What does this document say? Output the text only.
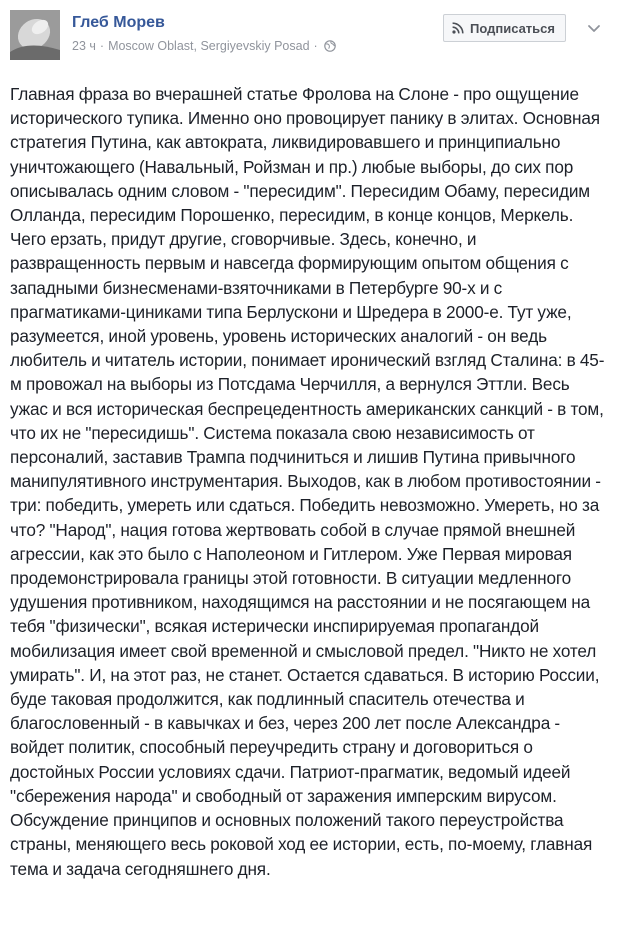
Глеб Морев
23 ч · Moscow Oblast, Sergiyevskiy Posad ·
Подписаться
Главная фраза во вчерашней статье Фролова на Слоне - про ощущение исторического тупика. Именно оно провоцирует панику в элитах. Основная стратегия Путина, как автократа, ликвидировавшего и принципиально уничтожающего (Навальный, Ройзман и пр.) любые выборы, до сих пор описывалась одним словом - "пересидим". Пересидим Обаму, пересидим Олланда, пересидим Порошенко, пересидим, в конце концов, Меркель. Чего ерзать, придут другие, сговорчивые. Здесь, конечно, и развращенность первым и навсегда формирующим опытом общения с западными бизнесменами-взяточниками в Петербурге 90-х и с прагматиками-циниками типа Берлускони и Шредера в 2000-е. Тут уже, разумеется, иной уровень, уровень исторических аналогий - он ведь любитель и читатель истории, понимает иронический взгляд Сталина: в 45-м провожал на выборы из Потсдама Черчилля, а вернулся Эттли. Весь ужас и вся историческая беспрецедентность американских санкций - в том, что их не "пересидишь". Система показала свою независимость от персоналий, заставив Трампа подчиниться и лишив Путина привычного манипулятивного инструментария. Выходов, как в любом противостоянии - три: победить, умереть или сдаться. Победить невозможно. Умереть, но за что? "Народ", нация готова жертвовать собой в случае прямой внешней агрессии, как это было с Наполеоном и Гитлером. Уже Первая мировая продемонстрировала границы этой готовности. В ситуации медленного удушения противником, находящимся на расстоянии и не посягающем на тебя "физически", всякая истерически инспирируемая пропагандой мобилизация имеет свой временной и смысловой предел. "Никто не хотел умирать". И, на этот раз, не станет. Остается сдаваться. В историю России, буде таковая продолжится, как подлинный спаситель отечества и благословенный - в кавычках и без, через 200 лет после Александра - войдет политик, способный переучредить страну и договориться о достойных России условиях сдачи. Патриот-прагматик, ведомый идеей "сбережения народа" и свободный от заражения имперским вирусом. Обсуждение принципов и основных положений такого переустройства страны, меняющего весь роковой ход ее истории, есть, по-моему, главная тема и задача сегодняшнего дня.
